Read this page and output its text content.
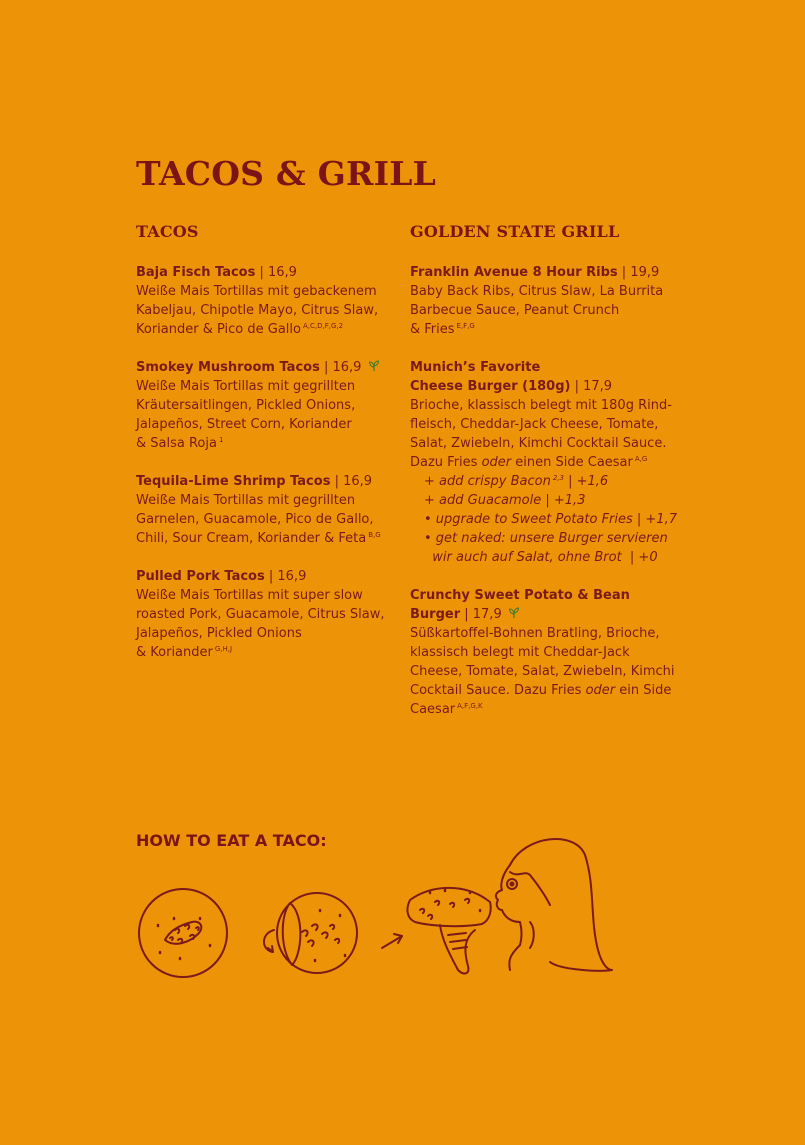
TACOS & GRILL
TACOS
Baja Fisch Tacos | 16,9
Weiße Mais Tortillas mit gebackenem
Kabeljau, Chipotle Mayo, Citrus Slaw,
Koriander & Pico de Gallo $^{A,C,D,F,G,2}$
Smokey Mushroom Tacos | 16,9
Weiße Mais Tortillas mit gegrillten
Kräutersaitlingen, Pickled Onions,
Jalapeños, Street Corn, Koriander
& Salsa Roja $^1$
Tequila-Lime Shrimp Tacos | 16,9
Weiße Mais Tortillas mit gegrillten
Garnelen, Guacamole, Pico de Gallo,
Chili, Sour Cream, Koriander & Feta $^{B,G}$
Pulled Pork Tacos | 16,9
Weiße Mais Tortillas mit super slow
roasted Pork, Guacamole, Citrus Slaw,
Jalapeños, Pickled Onions
& Koriander $^{G,H,J}$
GOLDEN STATE GRILL
Franklin Avenue 8 Hour Ribs | 19,9
Baby Back Ribs, Citrus Slaw, La Burrita
Barbecue Sauce, Peanut Crunch
& Fries $^{E,F,G}$
Munich’s Favorite
Cheese Burger (180g) | 17,9
Brioche, klassisch belegt mit 180g Rind-
fleisch, Cheddar-Jack Cheese, Tomate,
Salat, Zwiebeln, Kimchi Cocktail Sauce.
Dazu Fries oder einen Side Caesar $^{A,G}$
+ add crispy Bacon $^{2,3}$ | +1,6
+ add Guacamole | +1,3
• upgrade to Sweet Potato Fries | +1,7
• get naked: unsere Burger servieren
wir auch auf Salat, ohne Brot  | +0
Crunchy Sweet Potato & Bean
Burger | 17,9
Süßkartoffel-Bohnen Bratling, Brioche,
klassisch belegt mit Cheddar-Jack
Cheese, Tomate, Salat, Zwiebeln, Kimchi
Cocktail Sauce. Dazu Fries oder ein Side
Caesar $^{A,F,G,K}$
HOW TO EAT A TACO:
